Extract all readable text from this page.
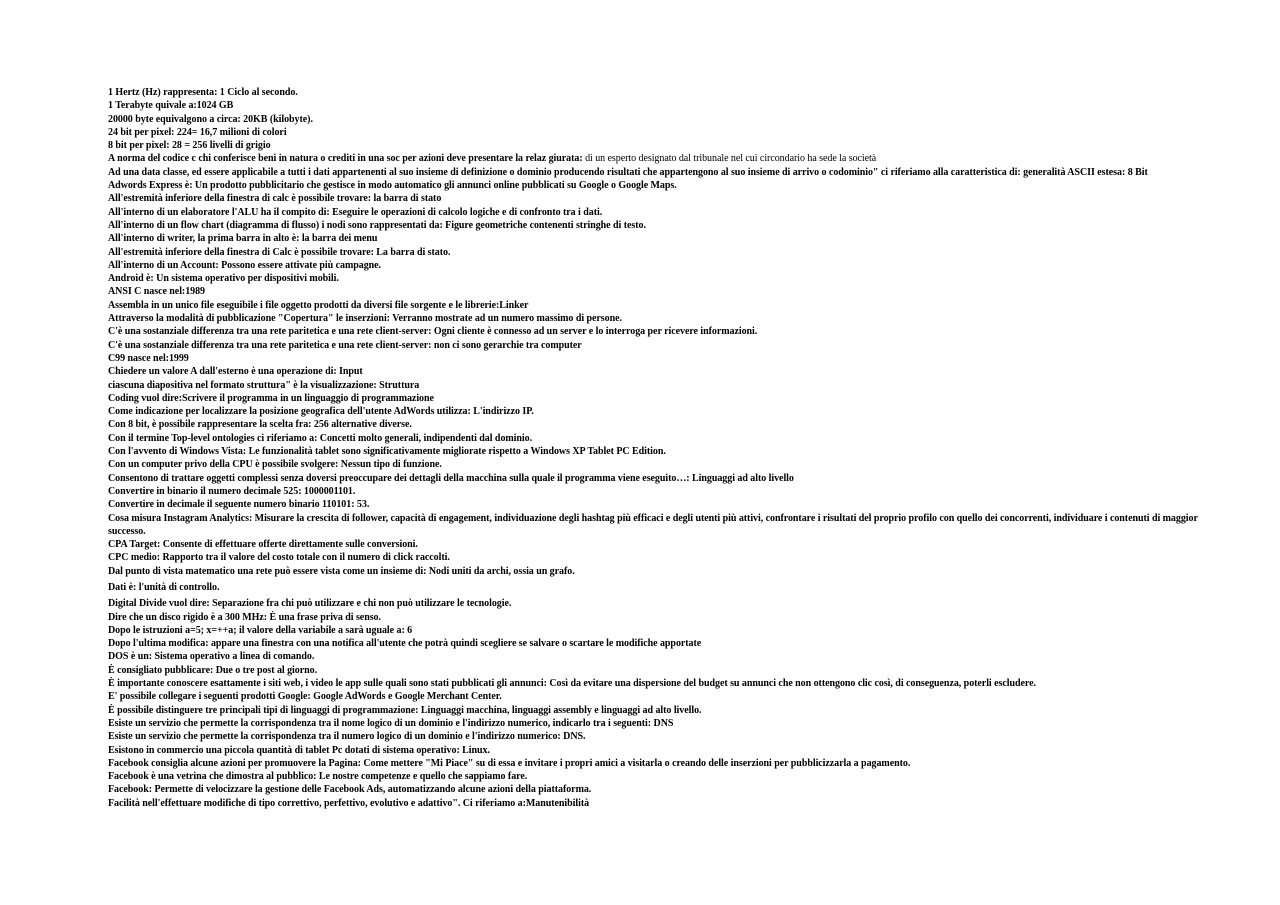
1 Hertz (Hz) rappresenta: 1 Ciclo al secondo.
1 Terabyte quivale a:1024 GB
20000 byte equivalgono a circa: 20KB (kilobyte).
24 bit per pixel: 224= 16,7 milioni di colori
8 bit per pixel: 28 = 256 livelli di grigio
A norma del codice c chi conferisce beni in natura o crediti in una soc per azioni deve presentare la relaz giurata: di un esperto designato dal tribunale nel cui circondario ha sede la società
Ad una data classe, ed essere applicabile a tutti i dati appartenenti al suo insieme di definizione o dominio producendo risultati che appartengono al suo insieme di arrivo o codominio" ci riferiamo alla caratteristica di: generalità ASCII estesa: 8 Bit
Adwords Express è: Un prodotto pubblicitario che gestisce in modo automatico gli annunci online pubblicati su Google o Google Maps.
All'estremità inferiore della finestra di calc è possibile trovare: la barra di stato
All'interno di un elaboratore l'ALU ha il compito di: Eseguire le operazioni di calcolo logiche e di confronto tra i dati.
All'interno di un flow chart (diagramma di flusso) i nodi sono rappresentati da: Figure geometriche contenenti stringhe di testo.
All'interno di writer, la prima barra in alto è: la barra dei menu
All'estremità inferiore della finestra di Calc è possibile trovare: La barra di stato.
All'interno di un Account: Possono essere attivate più campagne.
Android è: Un sistema operativo per dispositivi mobili.
ANSI C nasce nel:1989
Assembla in un unico file eseguibile i file oggetto prodotti da diversi file sorgente e le librerie:Linker
Attraverso la modalità di pubblicazione "Copertura" le inserzioni: Verranno mostrate ad un numero massimo di persone.
C'è una sostanziale differenza tra una rete paritetica e una rete client-server: Ogni cliente è connesso ad un server e lo interroga per ricevere informazioni.
C'è una sostanziale differenza tra una rete paritetica e una rete client-server: non ci sono gerarchie tra computer
C99 nasce nel:1999
Chiedere un valore A dall'esterno è una operazione di: Input
ciascuna diapositiva nel formato struttura" è la visualizzazione: Struttura
Coding vuol dire:Scrivere il programma in un linguaggio di programmazione
Come indicazione per localizzare la posizione geografica dell'utente AdWords utilizza: L'indirizzo IP.
Con 8 bit, è possibile rappresentare la scelta fra: 256 alternative diverse.
Con il termine Top-level ontologies ci riferiamo a: Concetti molto generali, indipendenti dal dominio.
Con l'avvento di Windows Vista: Le funzionalità tablet sono significativamente migliorate rispetto a Windows XP Tablet PC Edition.
Con un computer privo della CPU è possibile svolgere: Nessun tipo di funzione.
Consentono di trattare oggetti complessi senza doversi preoccupare dei dettagli della macchina sulla quale il programma viene eseguito…: Linguaggi ad alto livello
Convertire in binario il numero decimale 525: 1000001101.
Convertire in decimale il seguente numero binario 110101: 53.
Cosa misura Instagram Analytics: Misurare la crescita di follower, capacità di engagement, individuazione degli hashtag più efficaci e degli utenti più attivi, confrontare i risultati del proprio profilo con quello dei concorrenti, individuare i contenuti di maggior successo.
CPA Target: Consente di effettuare offerte direttamente sulle conversioni.
CPC medio: Rapporto tra il valore del costo totale con il numero di click raccolti.
Dal punto di vista matematico una rete può essere vista come un insieme di: Nodi uniti da archi, ossia un grafo.
Dati è: l'unità di controllo.
Digital Divide vuol dire: Separazione fra chi può utilizzare e chi non può utilizzare le tecnologie.
Dire che un disco rigido è a 300 MHz: È una frase priva di senso.
Dopo le istruzioni a=5; x=++a; il valore della variabile a sarà uguale a: 6
Dopo l'ultima modifica: appare una finestra con una notifica all'utente che potrà quindi scegliere se salvare o scartare le modifiche apportate
DOS è un: Sistema operativo a linea di comando.
È consigliato pubblicare: Due o tre post al giorno.
È importante conoscere esattamente i siti web, i video le app sulle quali sono stati pubblicati gli annunci: Così da evitare una dispersione del budget su annunci che non ottengono clic così, di conseguenza, poterli escludere.
E' possibile collegare i seguenti prodotti Google: Google AdWords e Google Merchant Center.
È possibile distinguere tre principali tipi di linguaggi di programmazione: Linguaggi macchina, linguaggi assembly e linguaggi ad alto livello.
Esiste un servizio che permette la corrispondenza tra il nome logico di un dominio e l'indirizzo numerico, indicarlo tra i seguenti: DNS
Esiste un servizio che permette la corrispondenza tra il numero logico di un dominio e l'indirizzo numerico: DNS.
Esistono in commercio una piccola quantità di tablet Pc dotati di sistema operativo: Linux.
Facebook consiglia alcune azioni per promuovere la Pagina: Come mettere "Mi Piace" su di essa e invitare i propri amici a visitarla o creando delle inserzioni per pubblicizzarla a pagamento.
Facebook è una vetrina che dimostra al pubblico: Le nostre competenze e quello che sappiamo fare.
Facebook: Permette di velocizzare la gestione delle Facebook Ads, automatizzando alcune azioni della piattaforma.
Facilità nell'effettuare modifiche di tipo correttivo, perfettivo, evolutivo e adattivo". Ci riferiamo a:Manutenibilità
